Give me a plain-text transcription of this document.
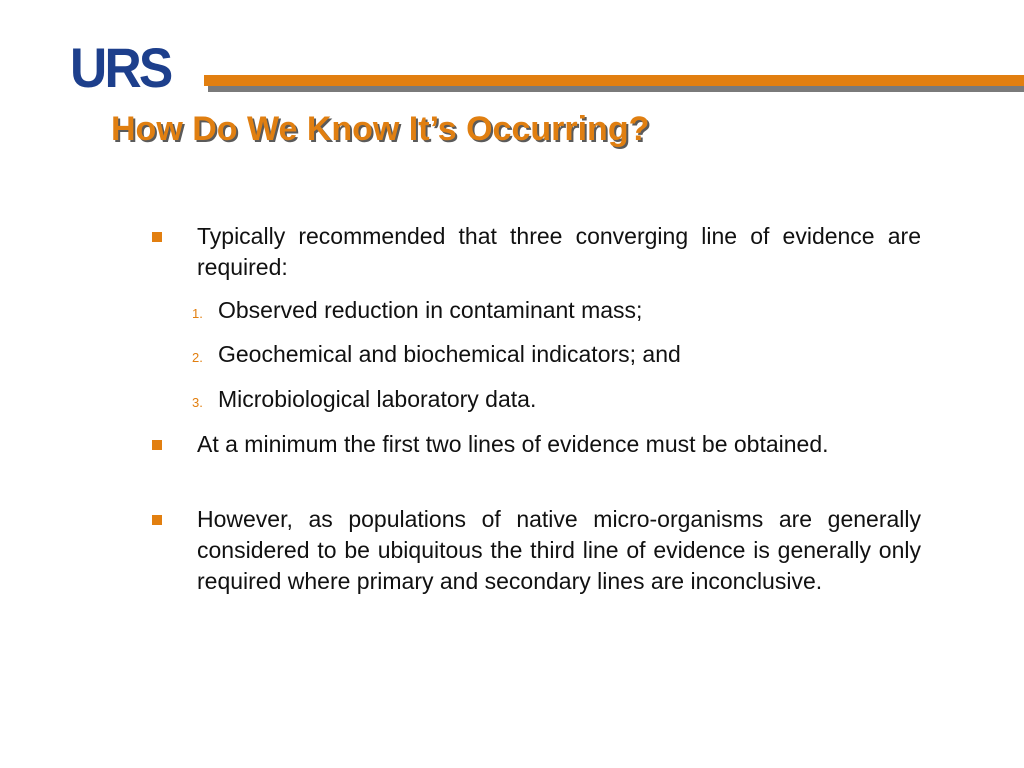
URS
How Do We Know It’s Occurring?

Typically recommended that three converging line of evidence are required:

1. Observed reduction in contaminant mass;
2. Geochemical and biochemical indicators; and
3. Microbiological laboratory data.

At a minimum the first two lines of evidence must be obtained.

However, as populations of native micro-organisms are generally considered to be ubiquitous the third line of evidence is generally only required where primary and secondary lines are inconclusive.
